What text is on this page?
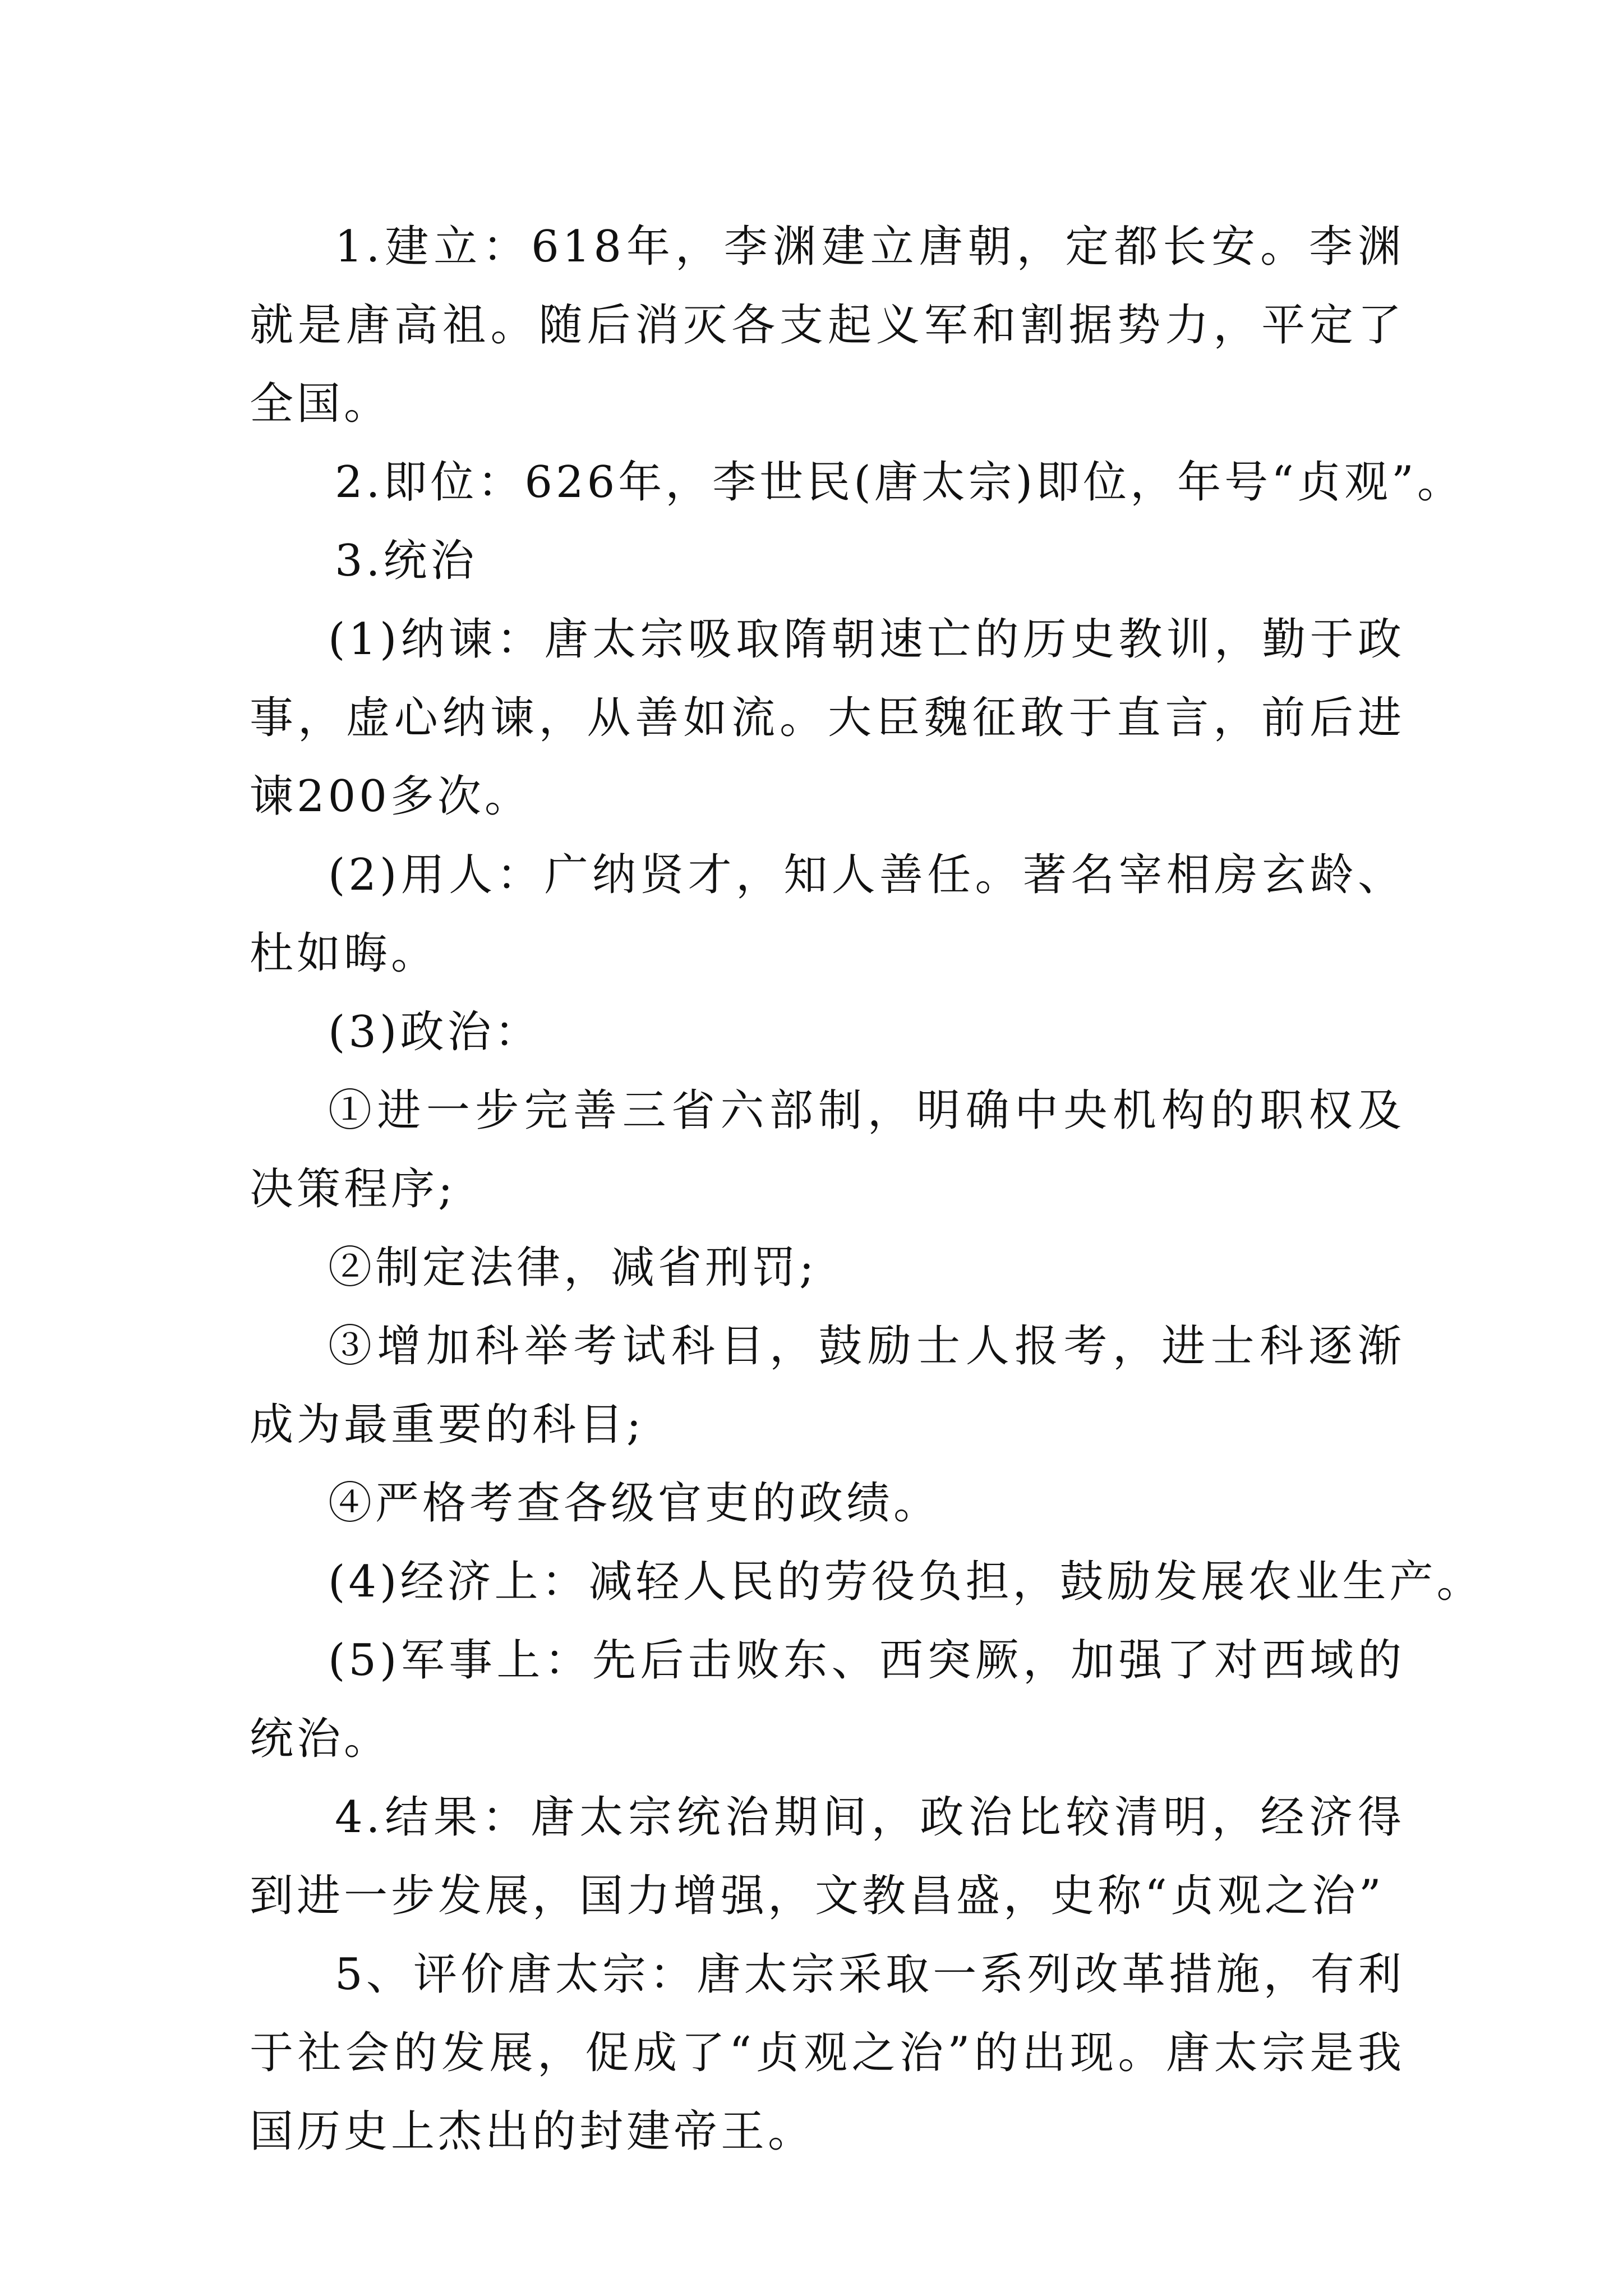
1.建立：618年，李渊建立唐朝，定都长安。李渊就是唐高祖。随后消灭各支起义军和割据势力，平定了全国。

2.即位：626年，李世民(唐太宗)即位，年号“贞观”。

3.统治

(1)纳谏：唐太宗吸取隋朝速亡的历史教训，勤于政事，虚心纳谏，从善如流。大臣魏征敢于直言，前后进谏200多次。

(2)用人：广纳贤才，知人善任。著名宰相房玄龄、杜如晦。

(3)政治：

①进一步完善三省六部制，明确中央机构的职权及决策程序;

②制定法律，减省刑罚;

③增加科举考试科目，鼓励士人报考，进士科逐渐成为最重要的科目;

④严格考查各级官吏的政绩。

(4)经济上：减轻人民的劳役负担，鼓励发展农业生产。

(5)军事上：先后击败东、西突厥，加强了对西域的统治。

4.结果：唐太宗统治期间，政治比较清明，经济得到进一步发展，国力增强，文教昌盛，史称“贞观之治”

5、评价唐太宗：唐太宗采取一系列改革措施，有利于社会的发展，促成了“贞观之治”的出现。唐太宗是我国历史上杰出的封建帝王。
